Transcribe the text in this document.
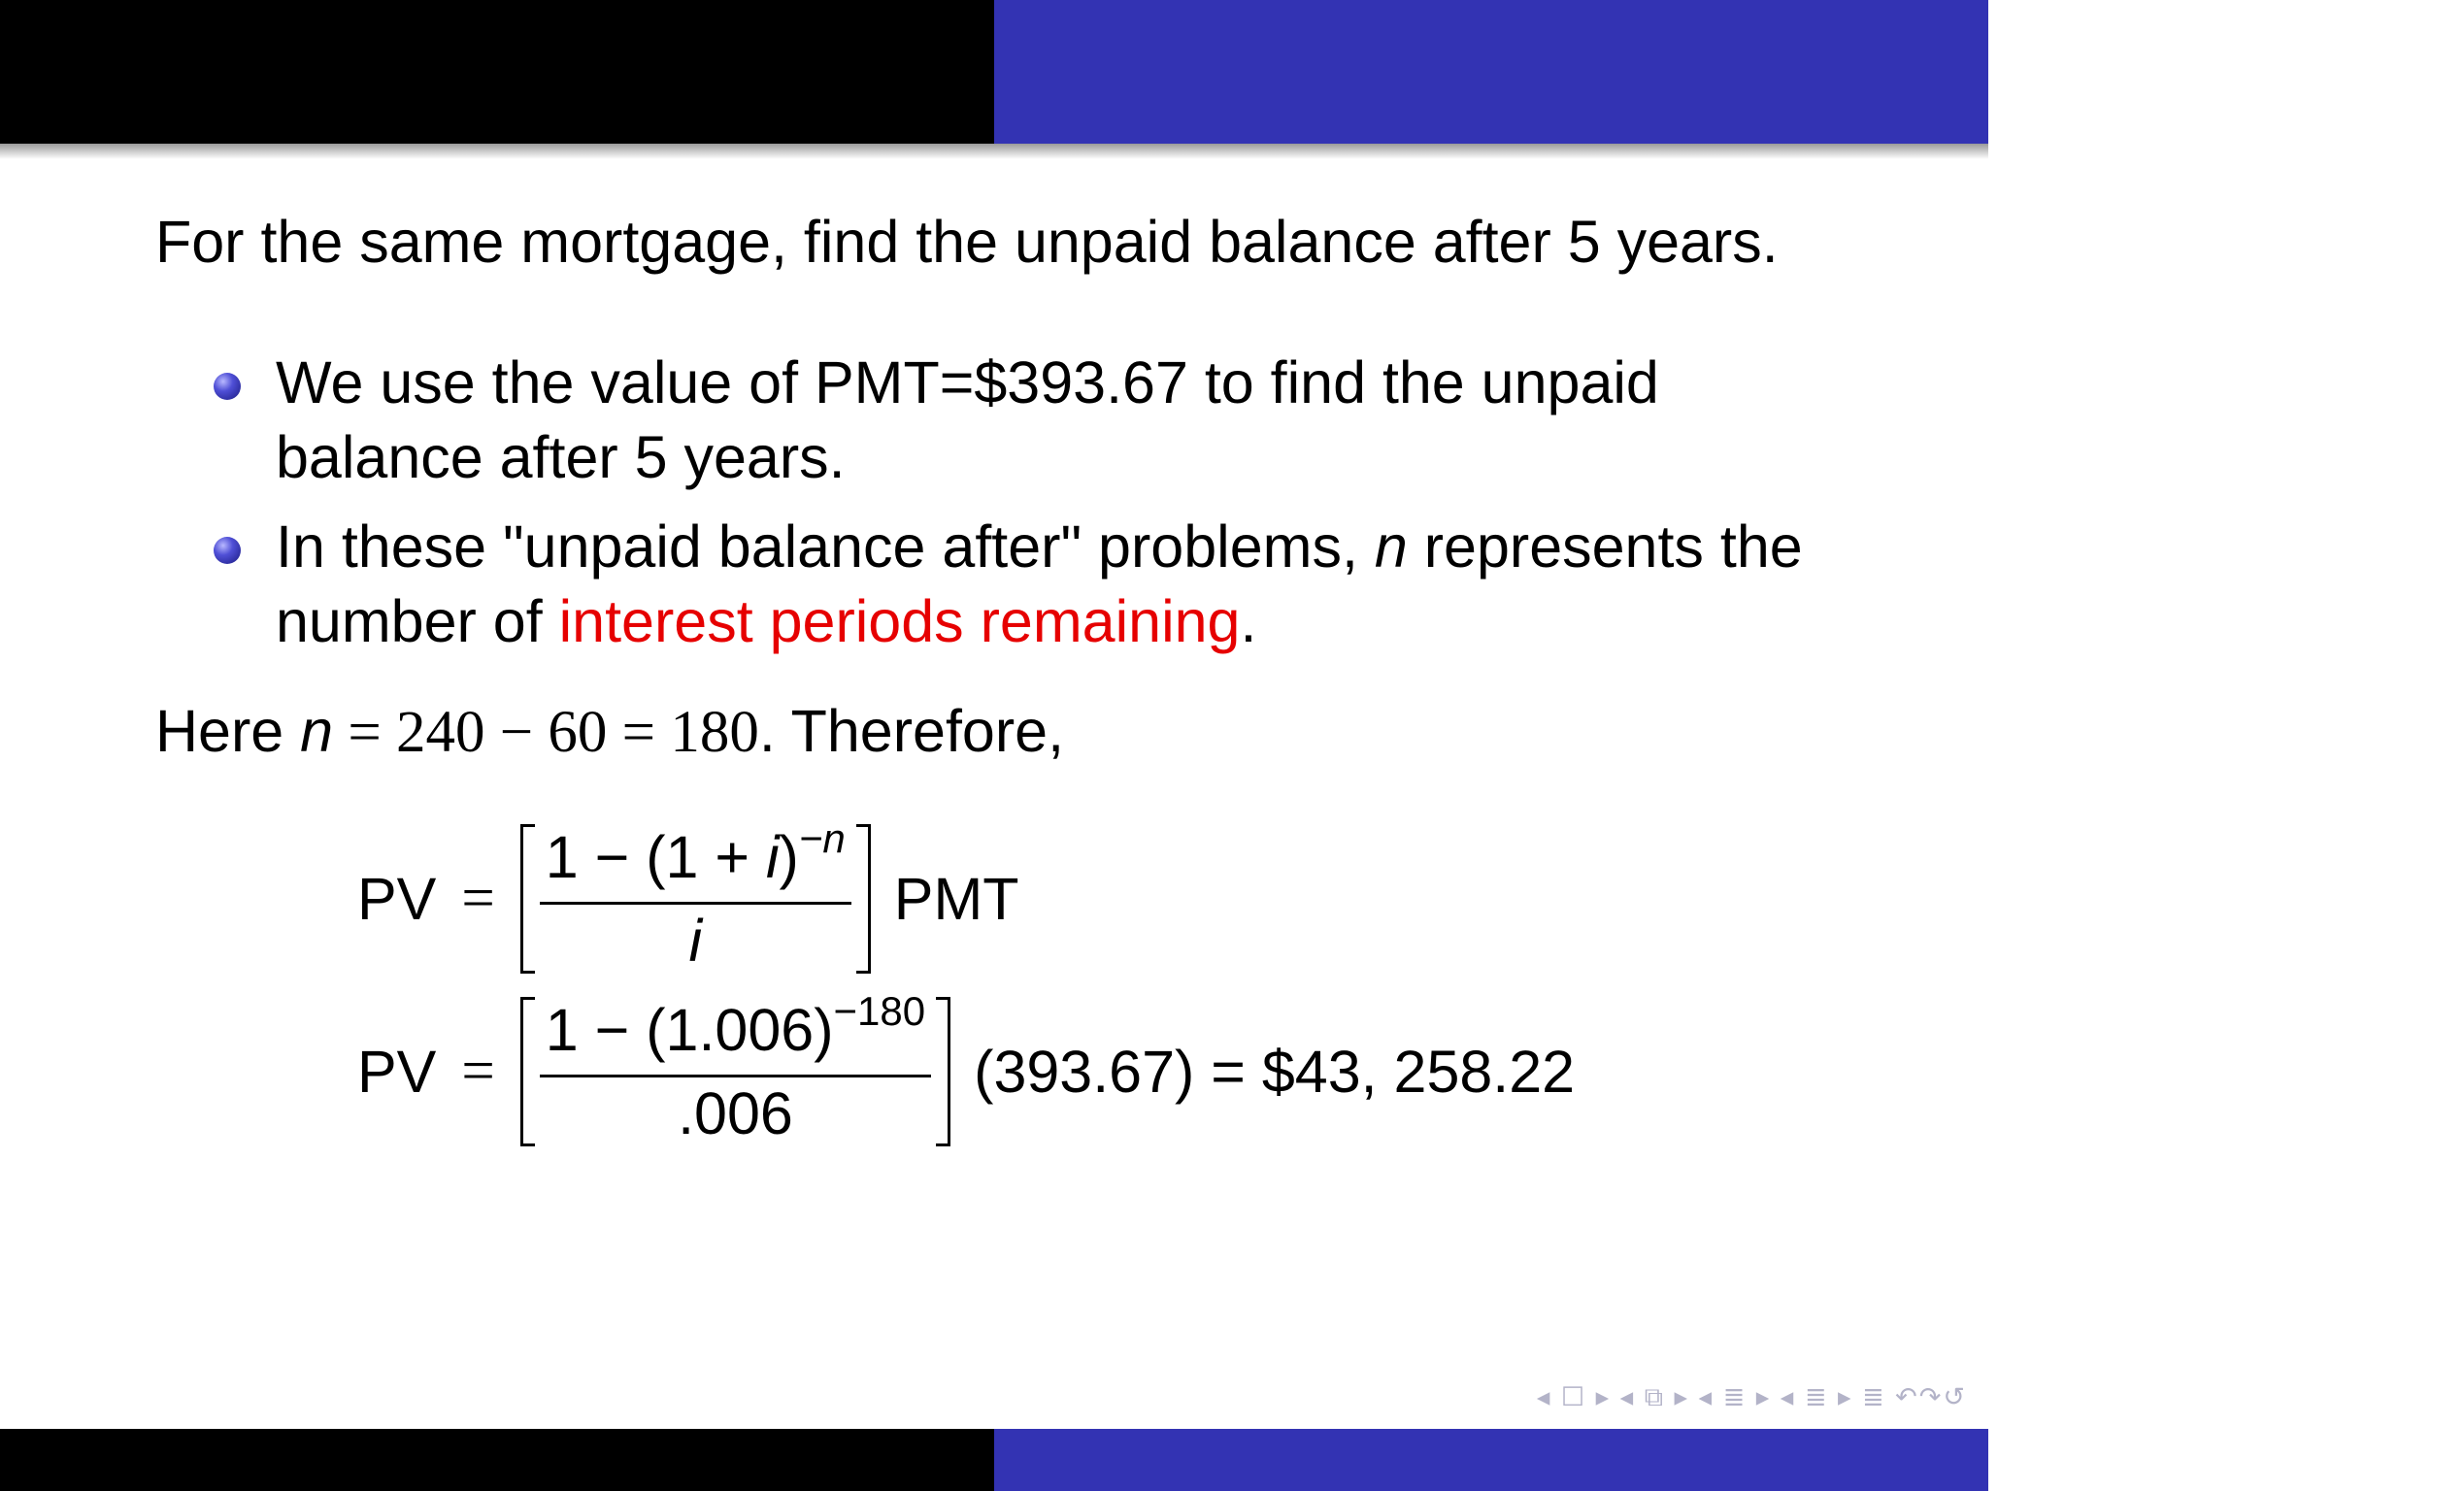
For the same mortgage, find the unpaid balance after 5 years.
We use the value of PMT=$393.67 to find the unpaid balance after 5 years.
In these "unpaid balance after" problems, n represents the number of interest periods remaining.
Here n = 240 − 60 = 180. Therefore,
PV = $\frac{1 - (1 + i)^{-n}}{i}$ PMT
PV = $\frac{1 - (1.006)^{-180}}{.006} (393.67)$ = $43, 258.22
◂ ☐ ▸ ◂ ⧉ ▸ ◂ ≣ ▸ ◂ ≣ ▸ ≣ ↶↷↺
Math 1300 Finite Mathematics
